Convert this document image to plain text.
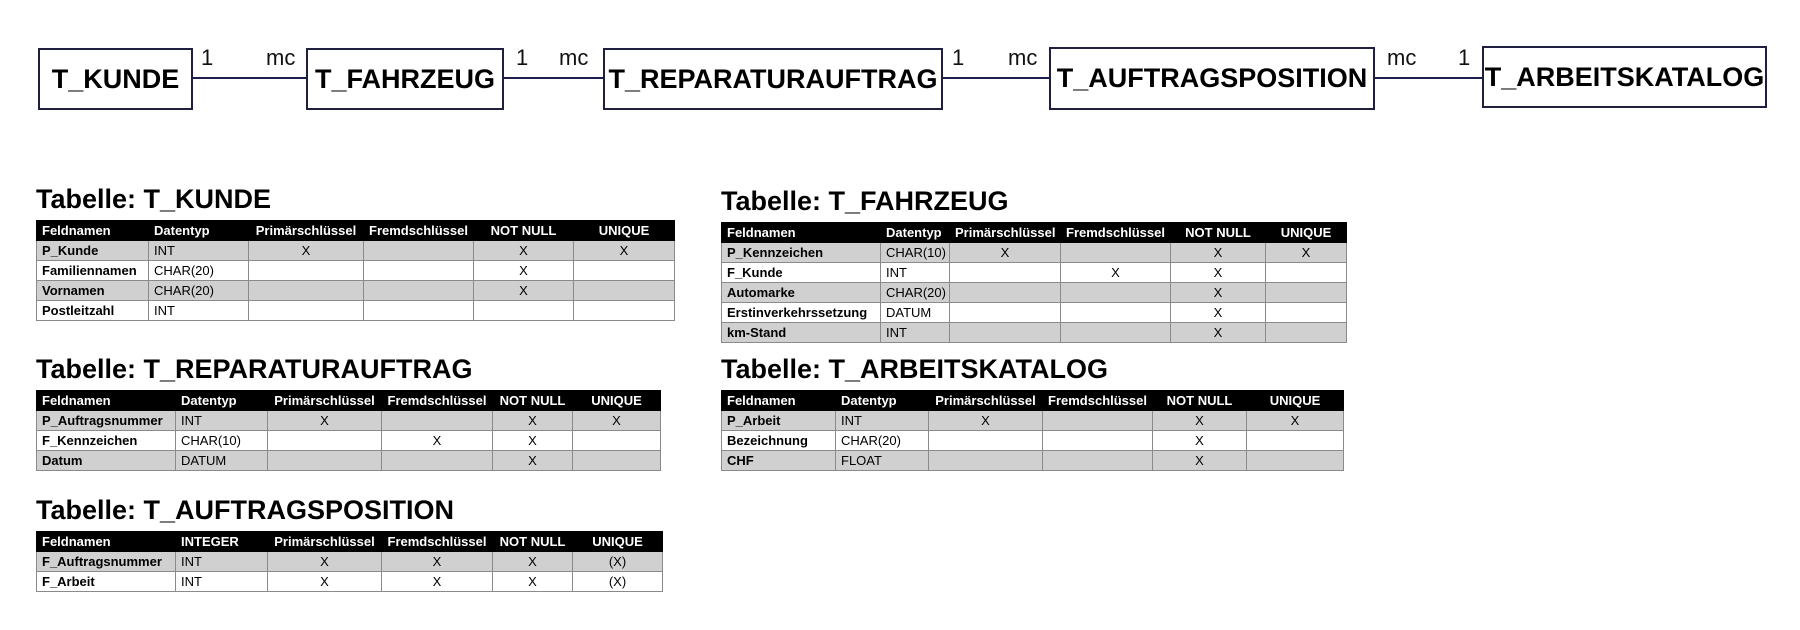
T_KUNDE	T_FAHRZEUG	T_REPARATURAUFTRAG	T_AUFTRAGSPOSITION	T_ARBEITSKATALOG
1 mc	1 mc	1 mc	mc 1
Tabelle: T_KUNDE
Feldnamen	Datentyp	Primärschlüssel	Fremdschlüssel	NOT NULL	UNIQUE
P_Kunde	INT	X		X	X
Familiennamen	CHAR(20)			X	
Vornamen	CHAR(20)			X	
Postleitzahl	INT				
Tabelle: T_FAHRZEUG
Feldnamen	Datentyp	Primärschlüssel	Fremdschlüssel	NOT NULL	UNIQUE
P_Kennzeichen	CHAR(10)	X		X	X
F_Kunde	INT		X	X	
Automarke	CHAR(20)			X	
Erstinverkehrssetzung	DATUM			X	
km-Stand	INT			X	
Tabelle: T_REPARATURAUFTRAG
Feldnamen	Datentyp	Primärschlüssel	Fremdschlüssel	NOT NULL	UNIQUE
P_Auftragsnummer	INT	X		X	X
F_Kennzeichen	CHAR(10)		X	X	
Datum	DATUM			X	
Tabelle: T_ARBEITSKATALOG
Feldnamen	Datentyp	Primärschlüssel	Fremdschlüssel	NOT NULL	UNIQUE
P_Arbeit	INT	X		X	X
Bezeichnung	CHAR(20)			X	
CHF	FLOAT			X	
Tabelle: T_AUFTRAGSPOSITION
Feldnamen	INTEGER	Primärschlüssel	Fremdschlüssel	NOT NULL	UNIQUE
F_Auftragsnummer	INT	X	X	X	(X)
F_Arbeit	INT	X	X	X	(X)
